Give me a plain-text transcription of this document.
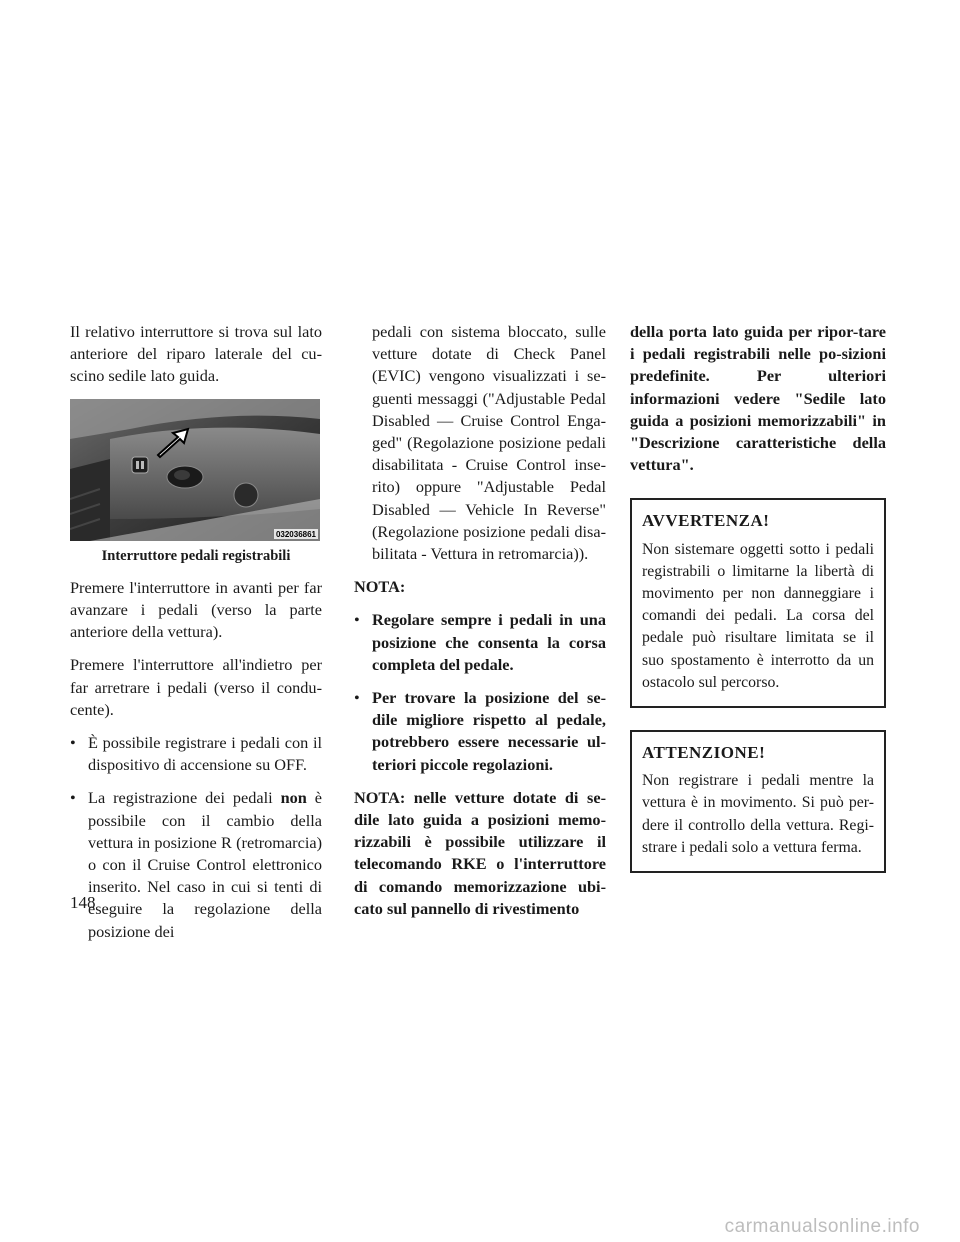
Il relativo interruttore si trova sul lato anteriore del riparo laterale del cu-scino sedile lato guida.

032036861
Interruttore pedali registrabili

Premere l'interruttore in avanti per far avanzare i pedali (verso la parte anteriore della vettura).

Premere l'interruttore all'indietro per far arretrare i pedali (verso il condu-cente).

• È possibile registrare i pedali con il dispositivo di accensione su OFF.
• La registrazione dei pedali non è possibile con il cambio della vettura in posizione R (retromarcia) o con il Cruise Control elettronico inserito. Nel caso in cui si tenti di eseguire la regolazione della posizione dei

pedali con sistema bloccato, sulle vetture dotate di Check Panel (EVIC) vengono visualizzati i se-guenti messaggi ("Adjustable Pedal Disabled — Cruise Control Enga-ged" (Regolazione posizione pedali disabilitata - Cruise Control inse-rito) oppure "Adjustable Pedal Disabled — Vehicle In Reverse" (Regolazione posizione pedali disa-bilitata - Vettura in retromarcia)).

NOTA:

• Regolare sempre i pedali in una posizione che consenta la corsa completa del pedale.
• Per trovare la posizione del se-dile migliore rispetto al pedale, potrebbero essere necessarie ul-teriori piccole regolazioni.

NOTA: nelle vetture dotate di se-dile lato guida a posizioni memo-rizzabili è possibile utilizzare il telecomando RKE o l'interruttore di comando memorizzazione ubi-cato sul pannello di rivestimento

della porta lato guida per ripor-tare i pedali registrabili nelle po-sizioni predefinite. Per ulteriori informazioni vedere "Sedile lato guida a posizioni memorizzabili" in "Descrizione caratteristiche della vettura".

AVVERTENZA!

Non sistemare oggetti sotto i pedali registrabili o limitarne la libertà di movimento per non danneggiare i comandi dei pedali. La corsa del pedale può risultare limitata se il suo spostamento è interrotto da un ostacolo sul percorso.

ATTENZIONE!

Non registrare i pedali mentre la vettura è in movimento. Si può per-dere il controllo della vettura. Regi-strare i pedali solo a vettura ferma.

148
carmanualsonline.info
